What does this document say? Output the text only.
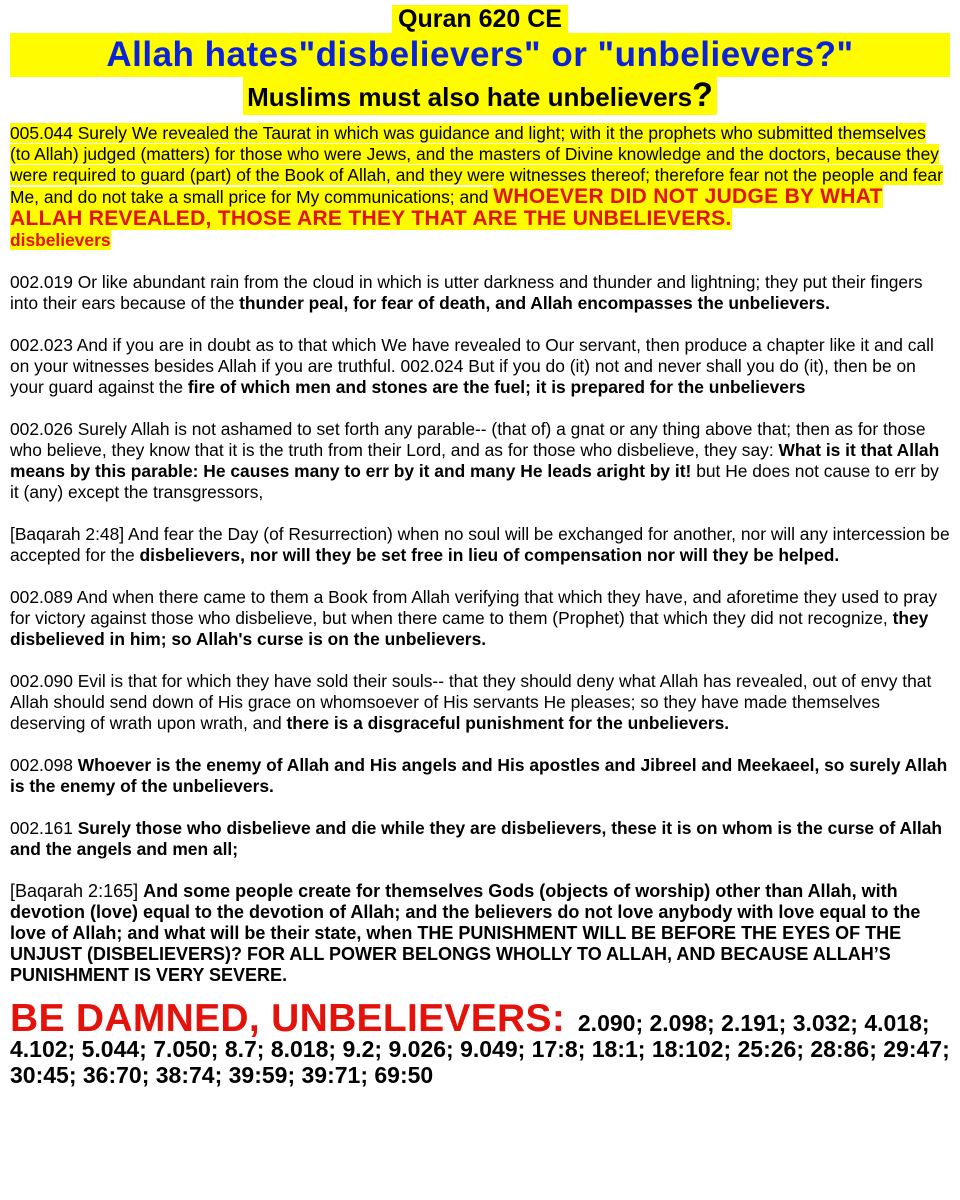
Quran 620 CE
Allah hates"disbelievers" or "unbelievers?"
Muslims must also hate unbelievers?

005.044 Surely We revealed the Taurat in which was guidance and light; with it the prophets who submitted themselves (to Allah) judged (matters) for those who were Jews, and the masters of Divine knowledge and the doctors, because they were required to guard (part) of the Book of Allah, and they were witnesses thereof; therefore fear not the people and fear Me, and do not take a small price for My communications; and WHOEVER DID NOT JUDGE BY WHAT ALLAH REVEALED, THOSE ARE THEY THAT ARE THE UNBELIEVERS.
disbelievers

002.019 Or like abundant rain from the cloud in which is utter darkness and thunder and lightning; they put their fingers into their ears because of the thunder peal, for fear of death, and Allah encompasses the unbelievers.

002.023 And if you are in doubt as to that which We have revealed to Our servant, then produce a chapter like it and call on your witnesses besides Allah if you are truthful. 002.024 But if you do (it) not and never shall you do (it), then be on your guard against the fire of which men and stones are the fuel; it is prepared for the unbelievers

002.026 Surely Allah is not ashamed to set forth any parable-- (that of) a gnat or any thing above that; then as for those who believe, they know that it is the truth from their Lord, and as for those who disbelieve, they say: What is it that Allah means by this parable: He causes many to err by it and many He leads aright by it! but He does not cause to err by it (any) except the transgressors,

[Baqarah 2:48] And fear the Day (of Resurrection) when no soul will be exchanged for another, nor will any intercession be accepted for the disbelievers, nor will they be set free in lieu of compensation nor will they be helped.

002.089 And when there came to them a Book from Allah verifying that which they have, and aforetime they used to pray for victory against those who disbelieve, but when there came to them (Prophet) that which they did not recognize, they disbelieved in him; so Allah's curse is on the unbelievers.

002.090 Evil is that for which they have sold their souls-- that they should deny what Allah has revealed, out of envy that Allah should send down of His grace on whomsoever of His servants He pleases; so they have made themselves deserving of wrath upon wrath, and there is a disgraceful punishment for the unbelievers.

002.098 Whoever is the enemy of Allah and His angels and His apostles and Jibreel and Meekaeel, so surely Allah is the enemy of the unbelievers.

002.161 Surely those who disbelieve and die while they are disbelievers, these it is on whom is the curse of Allah and the angels and men all;

[Baqarah 2:165] And some people create for themselves Gods (objects of worship) other than Allah, with devotion (love) equal to the devotion of Allah; and the believers do not love anybody with love equal to the love of Allah; and what will be their state, when THE PUNISHMENT WILL BE BEFORE THE EYES OF THE UNJUST (DISBELIEVERS)? FOR ALL POWER BELONGS WHOLLY TO ALLAH, AND BECAUSE ALLAH’S PUNISHMENT IS VERY SEVERE.

BE DAMNED, UNBELIEVERS: 2.090; 2.098; 2.191; 3.032; 4.018; 4.102; 5.044; 7.050; 8.7; 8.018; 9.2; 9.026; 9.049; 17:8; 18:1; 18:102; 25:26; 28:86; 29:47; 30:45; 36:70; 38:74; 39:59; 39:71; 69:50
